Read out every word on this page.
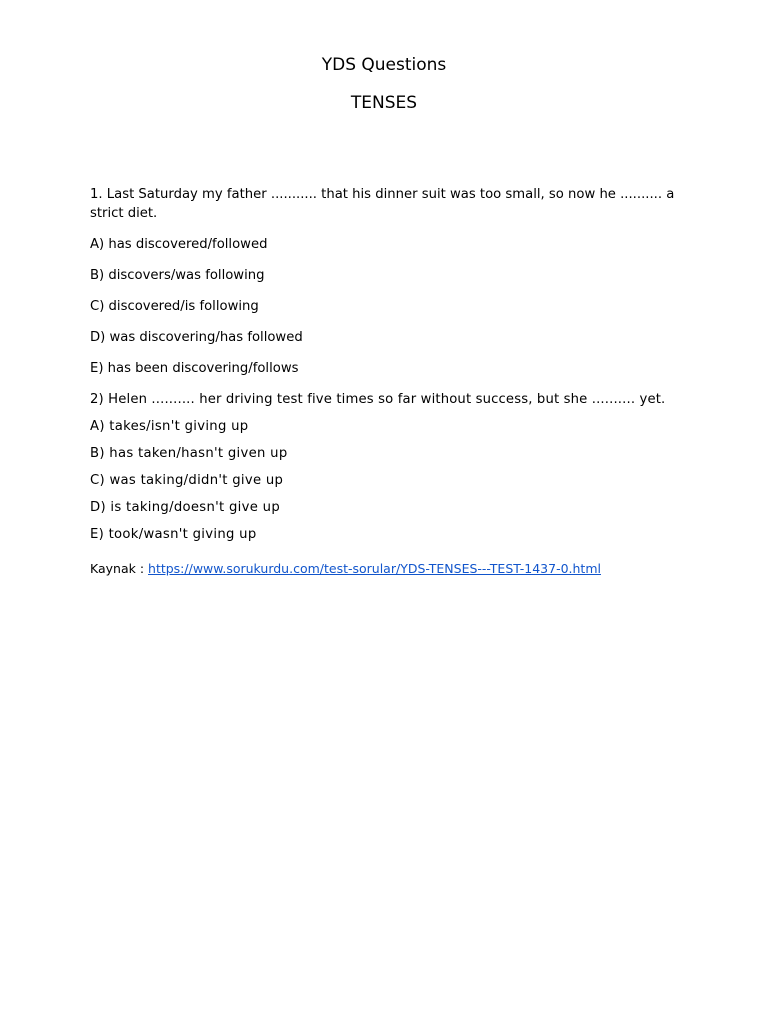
YDS Questions
TENSES

1. Last Saturday my father ........... that his dinner suit was too small, so now he .......... a strict diet.

A) has discovered/followed

B) discovers/was following

C) discovered/is following

D) was discovering/has followed

E) has been discovering/follows

2) Helen .......... her driving test five times so far without success, but she .......... yet.

A) takes/isn't giving up

B) has taken/hasn't given up

C) was taking/didn't give up

D) is taking/doesn't give up

E) took/wasn't giving up

Kaynak : https://www.sorukurdu.com/test-sorular/YDS-TENSES---TEST-1437-0.html
